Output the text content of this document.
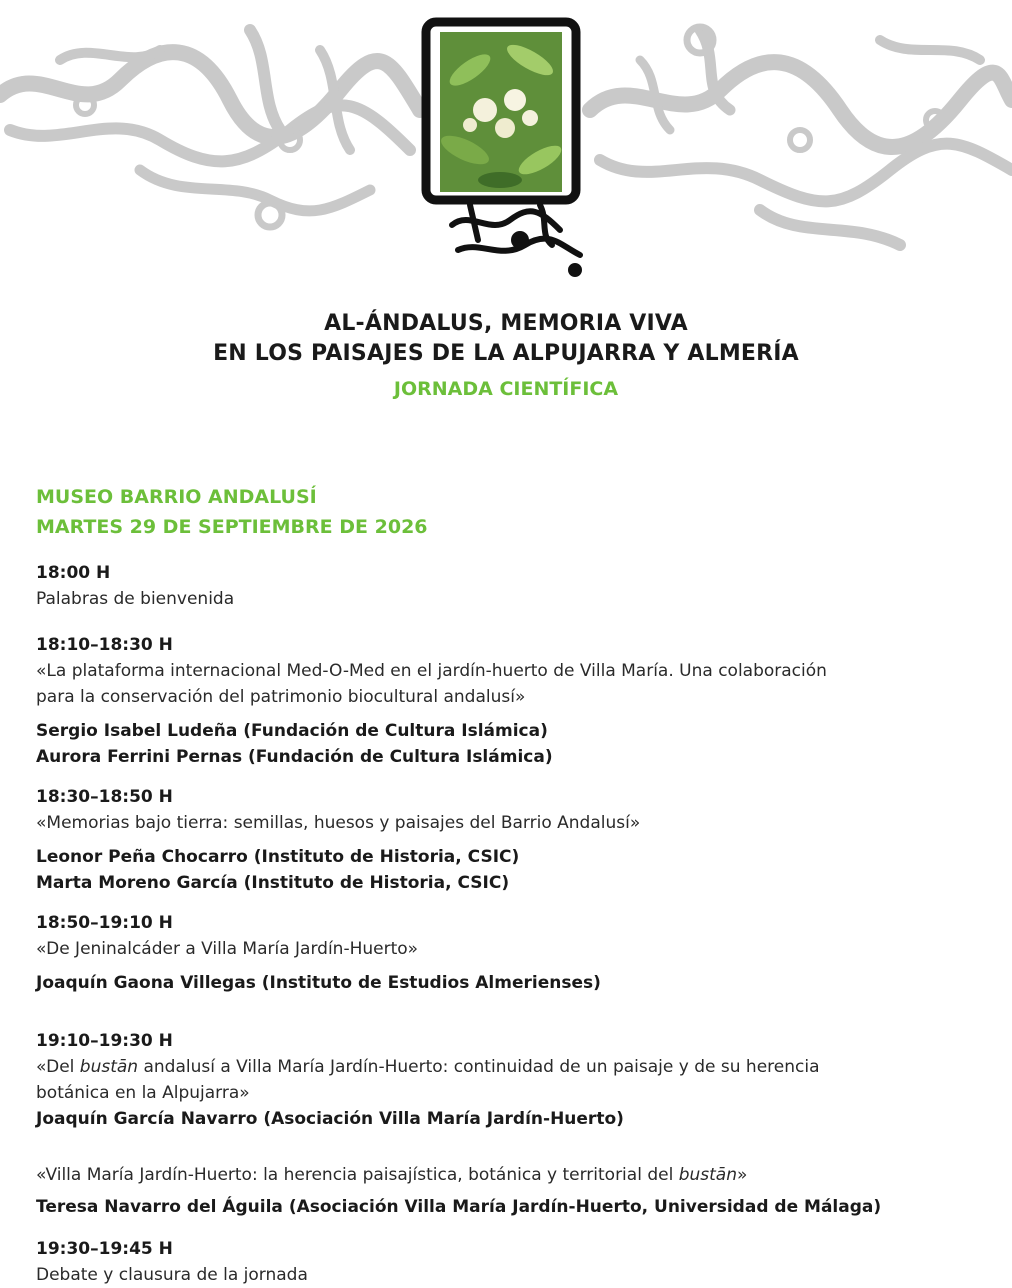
AL-ÁNDALUS, MEMORIA VIVA
EN LOS PAISAJES DE LA ALPUJARRA Y ALMERÍA
JORNADA CIENTÍFICA
MUSEO BARRIO ANDALUSÍ
MARTES 29 DE SEPTIEMBRE DE 2026
18:00 H
Palabras de bienvenida
18:10–18:30 H
«La plataforma internacional Med-O-Med en el jardín-huerto de Villa María. Una colaboración
para la conservación del patrimonio biocultural andalusí»
Sergio Isabel Ludeña (Fundación de Cultura Islámica)
Aurora Ferrini Pernas (Fundación de Cultura Islámica)
18:30–18:50 H
«Memorias bajo tierra: semillas, huesos y paisajes del Barrio Andalusí»
Leonor Peña Chocarro (Instituto de Historia, CSIC)
Marta Moreno García (Instituto de Historia, CSIC)
18:50–19:10 H
«De Jeninalcáder a Villa María Jardín-Huerto»
Joaquín Gaona Villegas (Instituto de Estudios Almerienses)
19:10–19:30 H
«Del bustān andalusí a Villa María Jardín-Huerto: continuidad de un paisaje y de su herencia
botánica en la Alpujarra»
Joaquín García Navarro (Asociación Villa María Jardín-Huerto)
«Villa María Jardín-Huerto: la herencia paisajística, botánica y territorial del bustān»
Teresa Navarro del Águila (Asociación Villa María Jardín-Huerto, Universidad de Málaga)
19:30–19:45 H
Debate y clausura de la jornada
